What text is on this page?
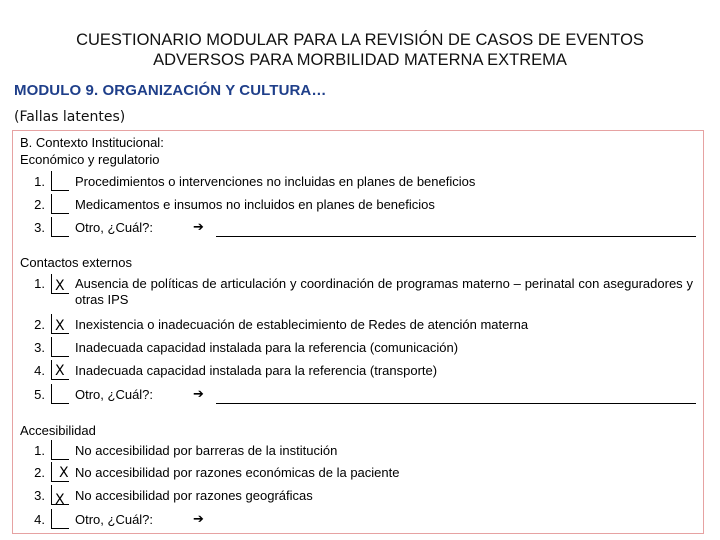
CUESTIONARIO MODULAR PARA LA REVISIÓN DE CASOS DE EVENTOS
ADVERSOS PARA MORBILIDAD MATERNA EXTREMA
MODULO 9. ORGANIZACIÓN Y CULTURA…
(Fallas latentes)
B. Contexto Institucional:
Económico y regulatorio
1. Procedimientos o intervenciones no incluidas en planes de beneficios
2. Medicamentos e insumos no incluidos en planes de beneficios
3. Otro, ¿Cuál?:	➔
Contactos externos
1. X Ausencia de políticas de articulación y coordinación de programas materno – perinatal con aseguradores y otras IPS
2. X Inexistencia o inadecuación de establecimiento de Redes de atención materna
3. Inadecuada capacidad instalada para la referencia (comunicación)
4. X Inadecuada capacidad instalada para la referencia (transporte)
5. Otro, ¿Cuál?:	➔
Accesibilidad
1. No accesibilidad por barreras de la institución
2. X No accesibilidad por razones económicas de la paciente
3. X No accesibilidad por razones geográficas
4. Otro, ¿Cuál?:	➔
